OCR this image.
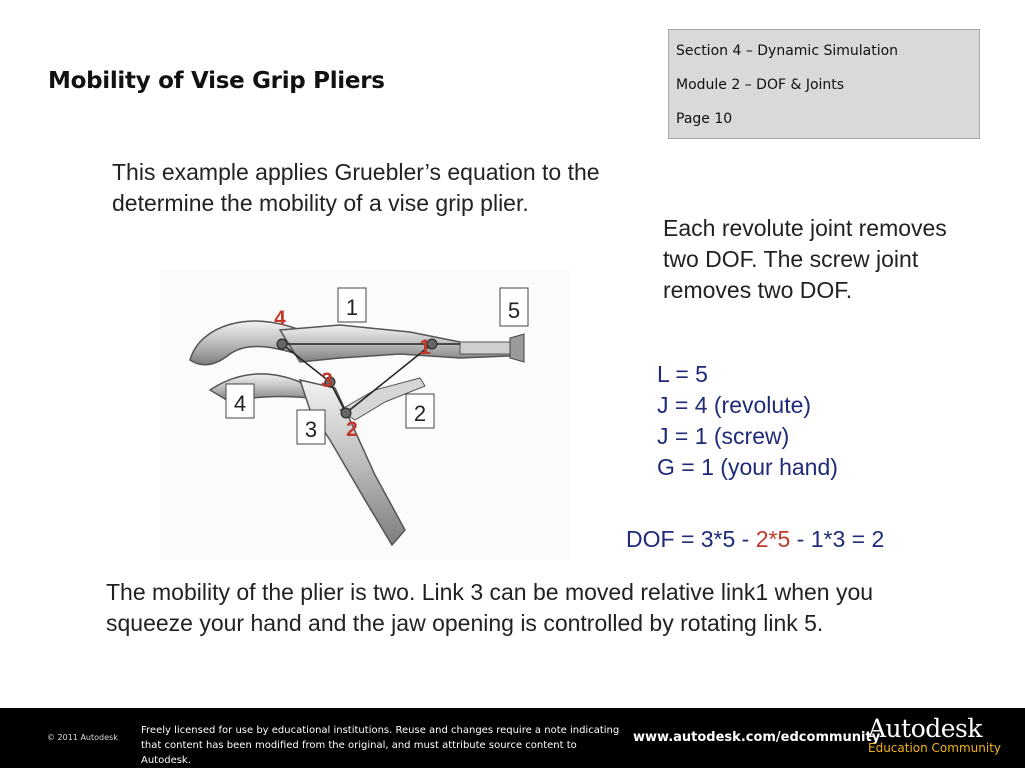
Mobility of Vise Grip Pliers
Section 4 – Dynamic Simulation
Module 2 – DOF & Joints
Page 10
This example applies Gruebler’s equation to the determine the mobility of a vise grip plier.
1	5
4
3
2
4
1
3
2
Each revolute joint removes two DOF. The screw joint removes two DOF.
L = 5
J = 4 (revolute)
J = 1 (screw)
G = 1 (your hand)
DOF = 3*5 - 2*5 - 1*3 = 2
The mobility of the plier is two. Link 3 can be moved relative link1 when you squeeze your hand and the jaw opening is controlled by rotating link 5.
© 2011 Autodesk
Freely licensed for use by educational institutions. Reuse and changes require a note indicating that content has been modified from the original, and must attribute source content to Autodesk.
www.autodesk.com/edcommunity
Autodesk
Education Community
